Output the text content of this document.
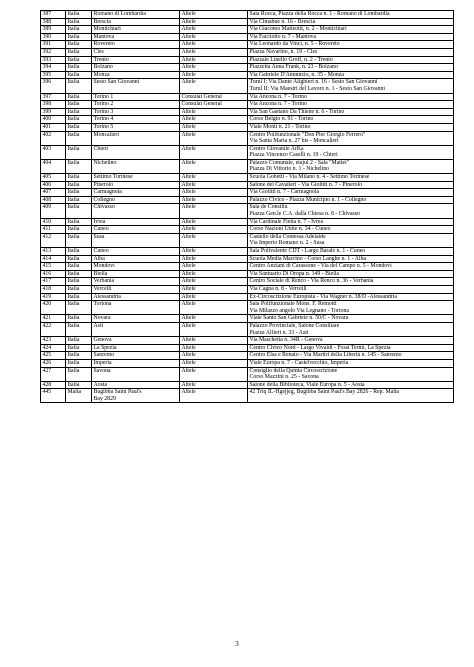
387	Italia	Romano di Lombardia	Altele	Sala Rocca, Piazza della Rocca n. 1 - Romano di Lombardia

388	Italia	Brescia	Altele	Via Cimabue n. 16 - Brescia

389	Italia	Montichiari	Altele	Via Giacomo Matteotti, n. 2 - Montichiari

390	Italia	Mantova	Altele	Via Facciotto n. 7 - Mantova

391	Italia	Rovereto	Altele	Via Leonardo da Vinci, n. 5 - Rovereto

392	Italia	Cles	Altele	Piazza Navarino, n. 19 - Cles

393	Italia	Trento	Altele	Piazzale Linello Groff, n. 2 - Trento

394	Italia	Bolzano	Altele	Piazzetta Anna Frank, n. 23 - Bolzano

395	Italia	Monza	Altele	Via Gabriele D'Annunzio, n. 35 - Monza

396	Italia	Sesto San Giovanni	Altele	Turul I: Via Dante Alighieri n. 16 - Sesto San Giovanni
Turul II: Via Maestri del Lavoro n. 1 - Sesto San Giovanni

397	Italia	Torino 1	Consulat General	Via Ancona n. 7 - Torino

398	Italia	Torino 2	Consulat General	Via Ancona n. 7 - Torino

399	Italia	Torino 3	Altele	Via San Gaetano Da Thiene n. 6 - Torino

400	Italia	Torino 4	Altele	Corso Belgio n. 91 - Torino

401	Italia	Torino 5	Altele	Viale Monti n. 21 - Torino

402	Italia	Moncalieri	Altele	Centro Polifunzionale "Don Pier Giorgio Ferrero"
Via Santa Maria n. 27 bis - Moncalieri

403	Italia	Chieri	Altele	Centro Giovanile ArKa
Piazza Vincenzo Caselli n. 19 - Chieri

404	Italia	Nichelino	Altele	Palazzo Comunale, etajul 2 - Sala "Mattei"
Piazza Di Vittorio n. 1 - Nichelino

405	Italia	Settimo Torinese	Altele	Scuola Gobetti - Via Milano n. 4 - Settimo Torinese

406	Italia	Pinerolo	Altele	Salone dei Cavalieri - Via Giolitti n. 7 - Pinerolo

407	Italia	Carmagnola	Altele	Via Giolitti n. 7 - Carmagnola

408	Italia	Collegno	Altele	Palazzo Civico - Piazza Municipio n. 1 - Collegno

409	Italia	Chivasso	Altele	Sala de Consiliu
Piazza Gen.le C.A. dalla Chiesa n. 8 - Chivasso

410	Italia	Ivrea	Altele	Via Cardinale Fietta n. 7 - Ivrea

411	Italia	Cuneo	Altele	Corso Nazioni Unite n. 34 - Cuneo

412	Italia	Susa	Altele	Castello della Contessa Adelaide
Via Imperio Romano n. 2 - Susa

413	Italia	Cuneo	Altele	Sala Polivalente CDT - Largo Barale n. 1 - Cuneo

414	Italia	Alba	Altele	Scuola Media Macrino - Corso Langhe n. 1 - Alba

415	Italia	Mondovì	Altele	Centro Anziani di Carassone - Via del Campo n. 5 - Mondovì

416	Italia	Biella	Altele	Via Santuario Di Oropa n. 149 - Biella

417	Italia	Verbania	Altele	Centro Sociale di Renco - Via Renco n. 36 - Verbania

418	Italia	Vercelli	Altele	Via Cagna n. 8 - Vercelli

419	Italia	Alessandria	Altele	Ex-Circoscrizione Europista - Via Wagner n. 38/D -Alessandria

420	Italia	Tortona	Altele	Sala Polifunzionale Mons. F. Remotti
Via Milazzo angolo Via Legnano - Tortona

421	Italia	Novara	Altele	Viale Santo San Gabriele n. 50/C - Novara

422	Italia	Asti	Altele	Palazzo Provinciale, Salone Consiliare
Piazza Alfieri n. 33 - Asti

423	Italia	Genova	Altele	Via Maschetta n. 34R - Genova

424	Italia	La Spezia	Altele	Centro Civico Nord - Largo Vivaldi - Fossi Termi, La Spezia

425	Italia	Sanremo	Altele	Centro Elsa e Renato - Via Martiri della Libertà n. 145 - Sanremo

426	Italia	Imperia	Altele	Viale Europa n. 7 - Castelvecchio, Imperia

427	Italia	Savona	Altele	Consiglio della Quinta Circoscrizione
Corso Mazzini n. 25 - Savona

428	Italia	Aosta	Altele	Salone della Biblioteca, Viale Europa n. 5 - Aosta

445	Malta	Bugibba Saint Paul's
Bay 2829	Altele	42 Triq IL-Hgejjeg, Bugibba Saint Paul's Bay 2826 - Rep. Malta
3
